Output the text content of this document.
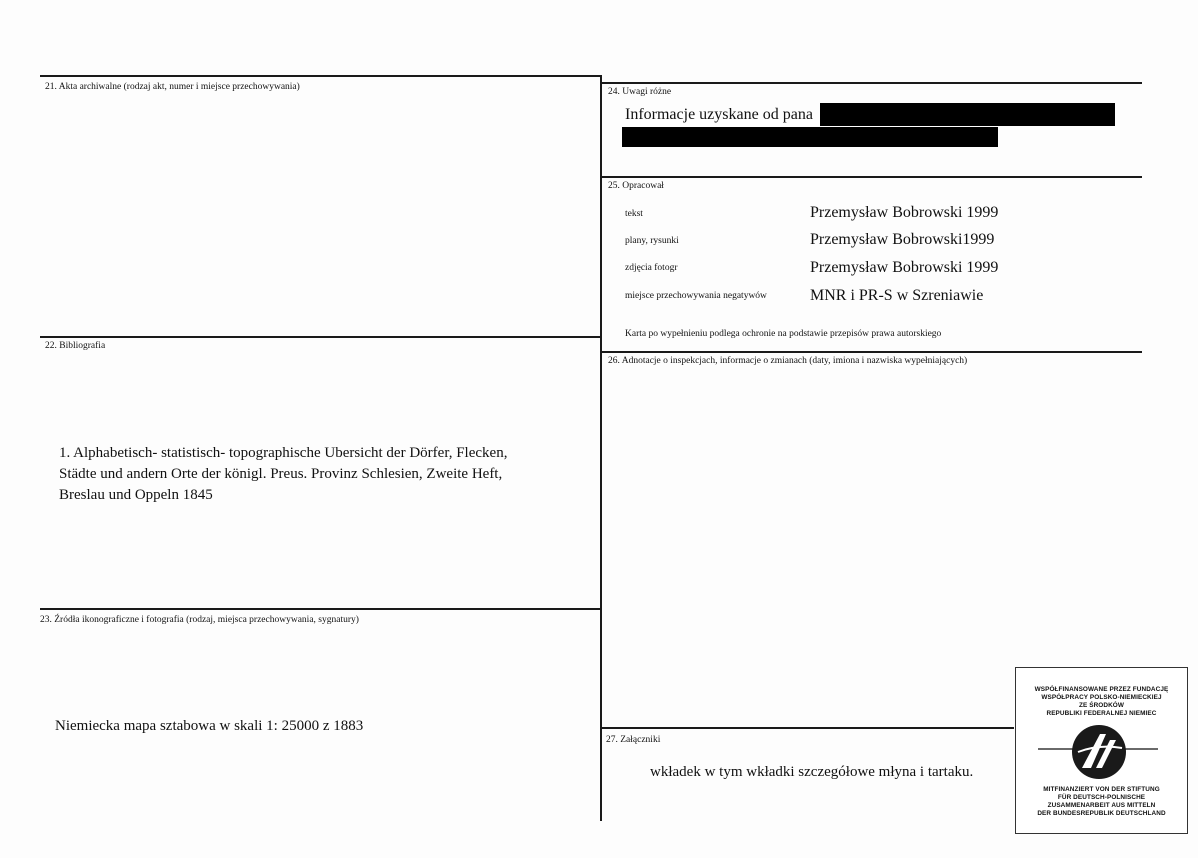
21. Akta archiwalne (rodzaj akt, numer i miejsce przechowywania)
22. Bibliografia
1. Alphabetisch- statistisch- topographische Ubersicht der Dörfer, Flecken,
Städte und andern Orte der königl. Preus. Provinz Schlesien, Zweite Heft,
Breslau und Oppeln 1845
23. Źródła ikonograficzne i fotografia (rodzaj, miejsca przechowywania, sygnatury)
Niemiecka mapa sztabowa w skali 1: 25000 z 1883
24. Uwagi różne
Informacje uzyskane od pana
25. Opracował
tekst	Przemysław Bobrowski 1999
plany, rysunki	Przemysław Bobrowski1999
zdjęcia fotogr	Przemysław Bobrowski 1999
miejsce przechowywania negatywów	MNR i PR-S w Szreniawie
Karta po wypełnieniu podlega ochronie na podstawie przepisów prawa autorskiego
26. Adnotacje o inspekcjach, informacje o zmianach (daty, imiona i nazwiska wypełniających)
27. Załączniki
wkładek w tym wkładki szczegółowe młyna i tartaku.
WSPÓŁFINANSOWANE PRZEZ FUNDACJĘ
WSPÓŁPRACY POLSKO-NIEMIECKIEJ
ZE ŚRODKÓW
REPUBLIKI FEDERALNEJ NIEMIEC
MITFINANZIERT VON DER STIFTUNG
FÜR DEUTSCH-POLNISCHE
ZUSAMMENARBEIT AUS MITTELN
DER BUNDESREPUBLIK DEUTSCHLAND
